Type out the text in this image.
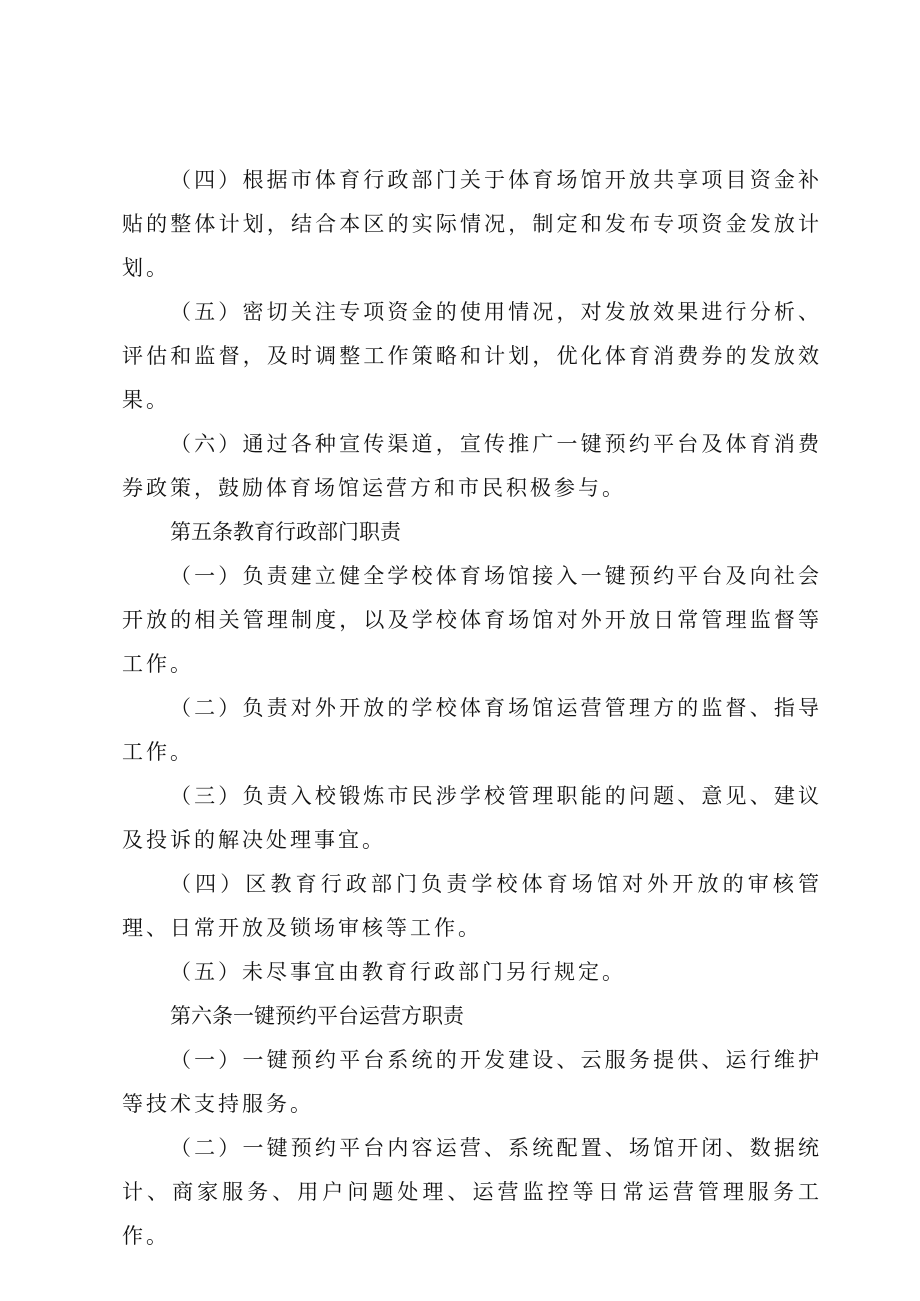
（四）根据市体育行政部门关于体育场馆开放共享项目资金补贴的整体计划，结合本区的实际情况，制定和发布专项资金发放计划。

（五）密切关注专项资金的使用情况，对发放效果进行分析、评估和监督，及时调整工作策略和计划，优化体育消费券的发放效果。

（六）通过各种宣传渠道，宣传推广一键预约平台及体育消费券政策，鼓励体育场馆运营方和市民积极参与。

第五条教育行政部门职责

（一）负责建立健全学校体育场馆接入一键预约平台及向社会开放的相关管理制度，以及学校体育场馆对外开放日常管理监督等工作。

（二）负责对外开放的学校体育场馆运营管理方的监督、指导工作。

（三）负责入校锻炼市民涉学校管理职能的问题、意见、建议及投诉的解决处理事宜。

（四）区教育行政部门负责学校体育场馆对外开放的审核管理、日常开放及锁场审核等工作。

（五）未尽事宜由教育行政部门另行规定。

第六条一键预约平台运营方职责

（一）一键预约平台系统的开发建设、云服务提供、运行维护等技术支持服务。

（二）一键预约平台内容运营、系统配置、场馆开闭、数据统计、商家服务、用户问题处理、运营监控等日常运营管理服务工作。
